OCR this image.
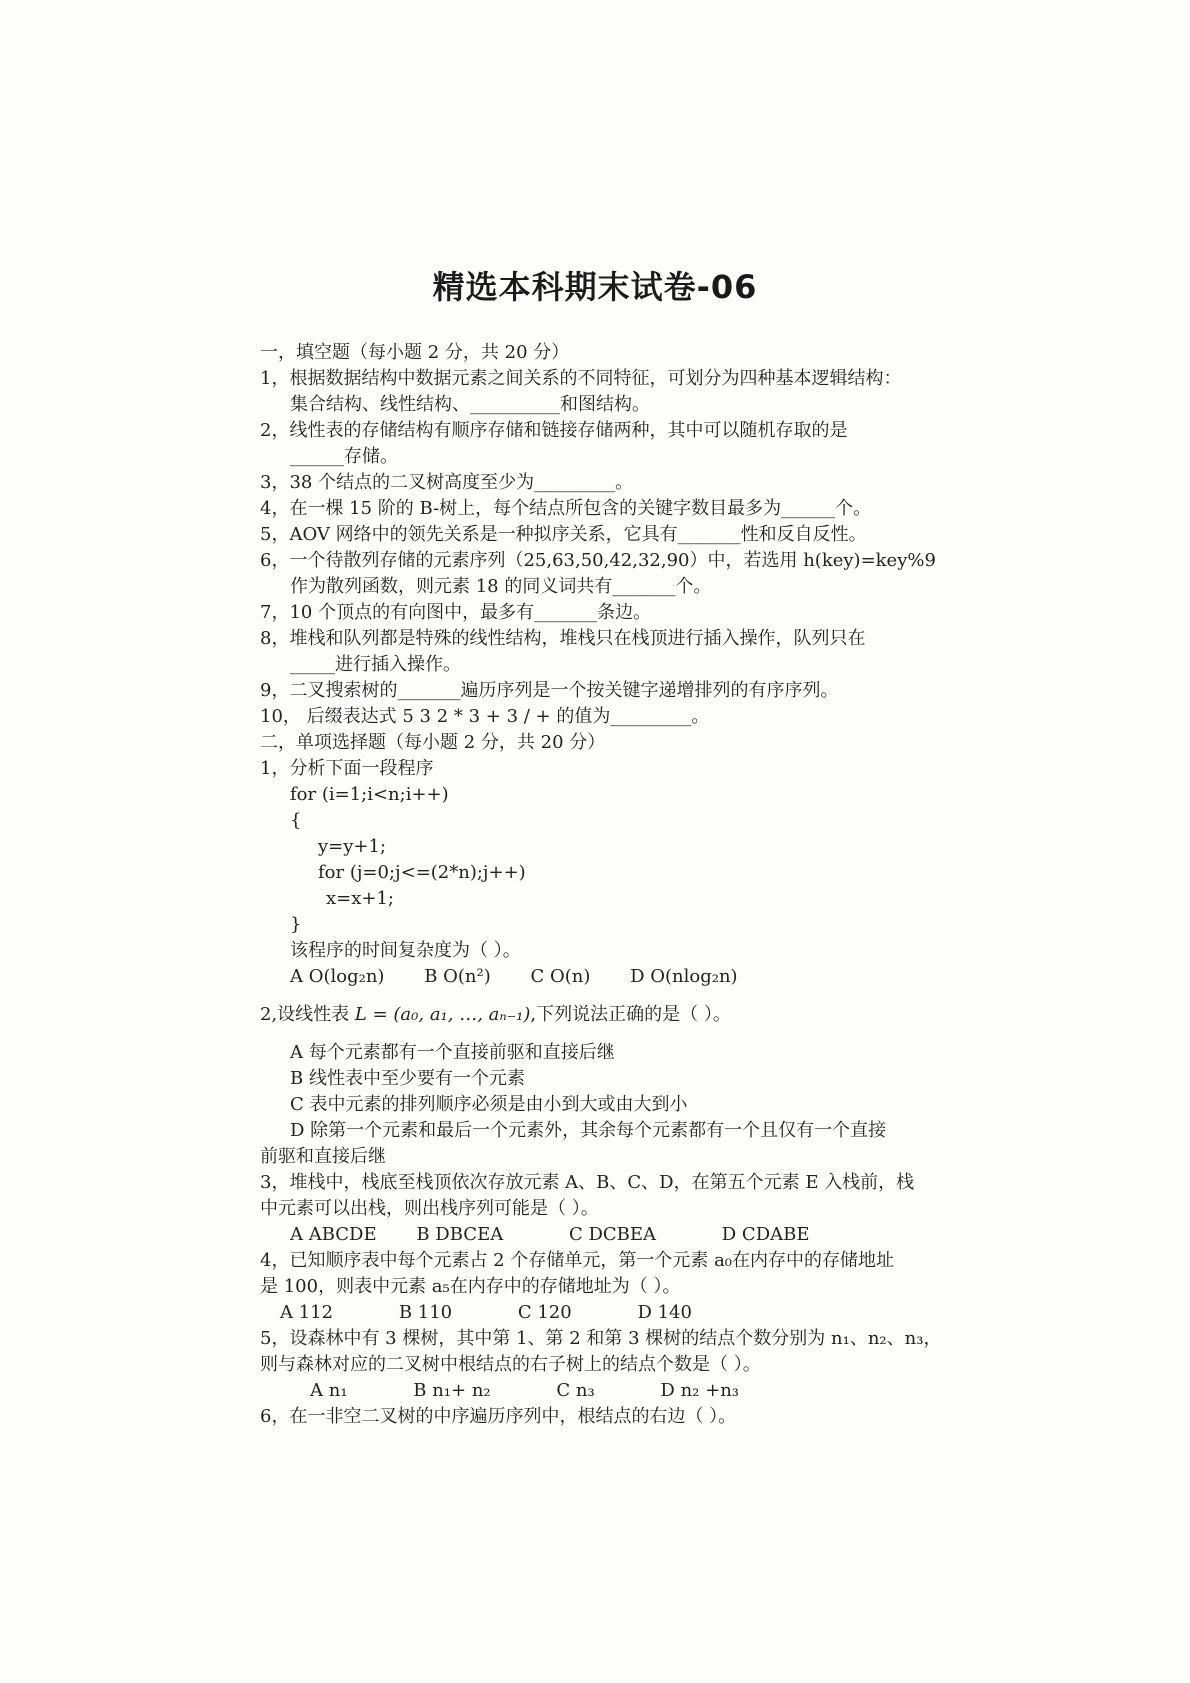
精选本科期末试卷-06
一，填空题（每小题 2 分，共 20 分）
1，根据数据结构中数据元素之间关系的不同特征，可划分为四种基本逻辑结构：
集合结构、线性结构、__________和图结构。
2，线性表的存储结构有顺序存储和链接存储两种，其中可以随机存取的是
______存储。
3，38 个结点的二叉树高度至少为_________。
4，在一棵 15 阶的 B-树上，每个结点所包含的关键字数目最多为______个。
5，AOV 网络中的领先关系是一种拟序关系，它具有_______性和反自反性。
6，一个待散列存储的元素序列（25,63,50,42,32,90）中，若选用 h(key)=key%9
作为散列函数，则元素 18 的同义词共有_______个。
7，10 个顶点的有向图中，最多有_______条边。
8，堆栈和队列都是特殊的线性结构，堆栈只在栈顶进行插入操作，队列只在
_____进行插入操作。
9，二叉搜索树的_______遍历序列是一个按关键字递增排列的有序序列。
10， 后缀表达式 5 3 2 * 3 + 3 / + 的值为_________。
二，单项选择题（每小题 2 分，共 20 分）
1，分析下面一段程序
for (i=1;i<n;i++)
{
y=y+1;
for (j=0;j<=(2*n);j++)
x=x+1;
}
该程序的时间复杂度为（ ）。
A O(log₂n) B O(n²) C O(n) D O(nlog₂n)
2,设线性表 L = (a₀, a₁, …, aₙ₋₁),下列说法正确的是（ ）。
A 每个元素都有一个直接前驱和直接后继
B 线性表中至少要有一个元素
C 表中元素的排列顺序必须是由小到大或由大到小
D 除第一个元素和最后一个元素外，其余每个元素都有一个且仅有一个直接
前驱和直接后继
3，堆栈中，栈底至栈顶依次存放元素 A、B、C、D，在第五个元素 E 入栈前，栈
中元素可以出栈，则出栈序列可能是（ ）。
A ABCDE B DBCEA	C DCBEA	D CDABE
4，已知顺序表中每个元素占 2 个存储单元，第一个元素 a₀在内存中的存储地址
是 100，则表中元素 a₅在内存中的存储地址为（ ）。
A 112	B 110	C 120	D 140
5，设森林中有 3 棵树，其中第 1、第 2 和第 3 棵树的结点个数分别为 n₁、n₂、n₃，
则与森林对应的二叉树中根结点的右子树上的结点个数是（ ）。
A n₁	B n₁+ n₂	C n₃	D n₂ +n₃
6，在一非空二叉树的中序遍历序列中，根结点的右边（ ）。
